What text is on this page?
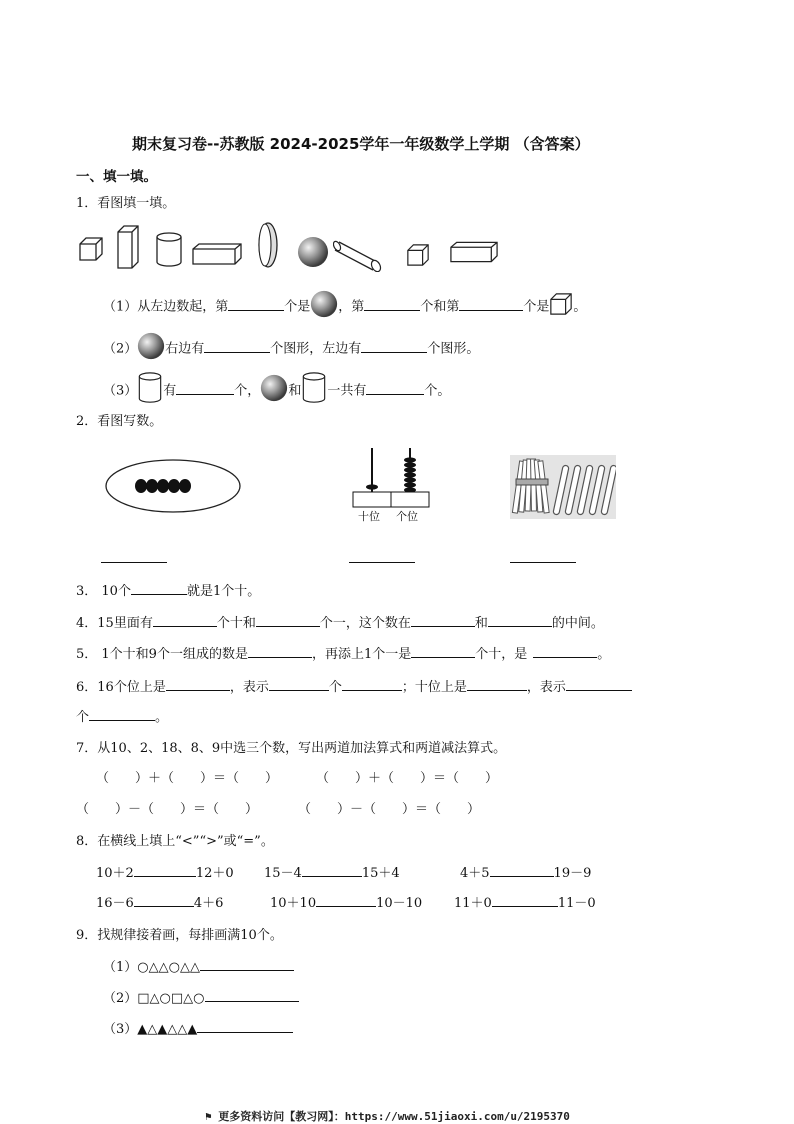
期末复习卷--苏教版 2024-2025学年一年级数学上学期 （含答案）
一、填一填。
1．看图填一填。
（1）从左边数起，第	个是 ，第	个和第	个是 。
（2） 右边有	个图形，左边有	个图形。
（3） 有	个， 和 一共有	个。
2．看图写数。
十位 个位
3． 10个	就是1个十。
4．15里面有	个十和	个一，这个数在	和	的中间。
5． 1个十和9个一组成的数是	，再添上1个一是	个十，是	。
6．16个位上是	，表示	个	；十位上是	，表示
个	。
7．从10、2、18、8、9中选三个数，写出两道加法算式和两道减法算式。
（　　）＋（　　）＝（　　）	（　　）＋（　　）＝（　　）
（　　）－（　　）＝（　　）	（　　）－（　　）＝（　　）
8．在横线上填上“<”“>”或“=”。
10＋2	12＋0 15－4	15＋4	4＋5	19－9
16－6	4＋6	10＋10	10－10 11＋0	11－0
9．找规律接着画，每排画满10个。
（1）○△△○△△
（2）□△○□△○
（3）▲△▲△△▲
⚑ 更多资料访问【教习网】：https://www.51jiaoxi.com/u/2195370
